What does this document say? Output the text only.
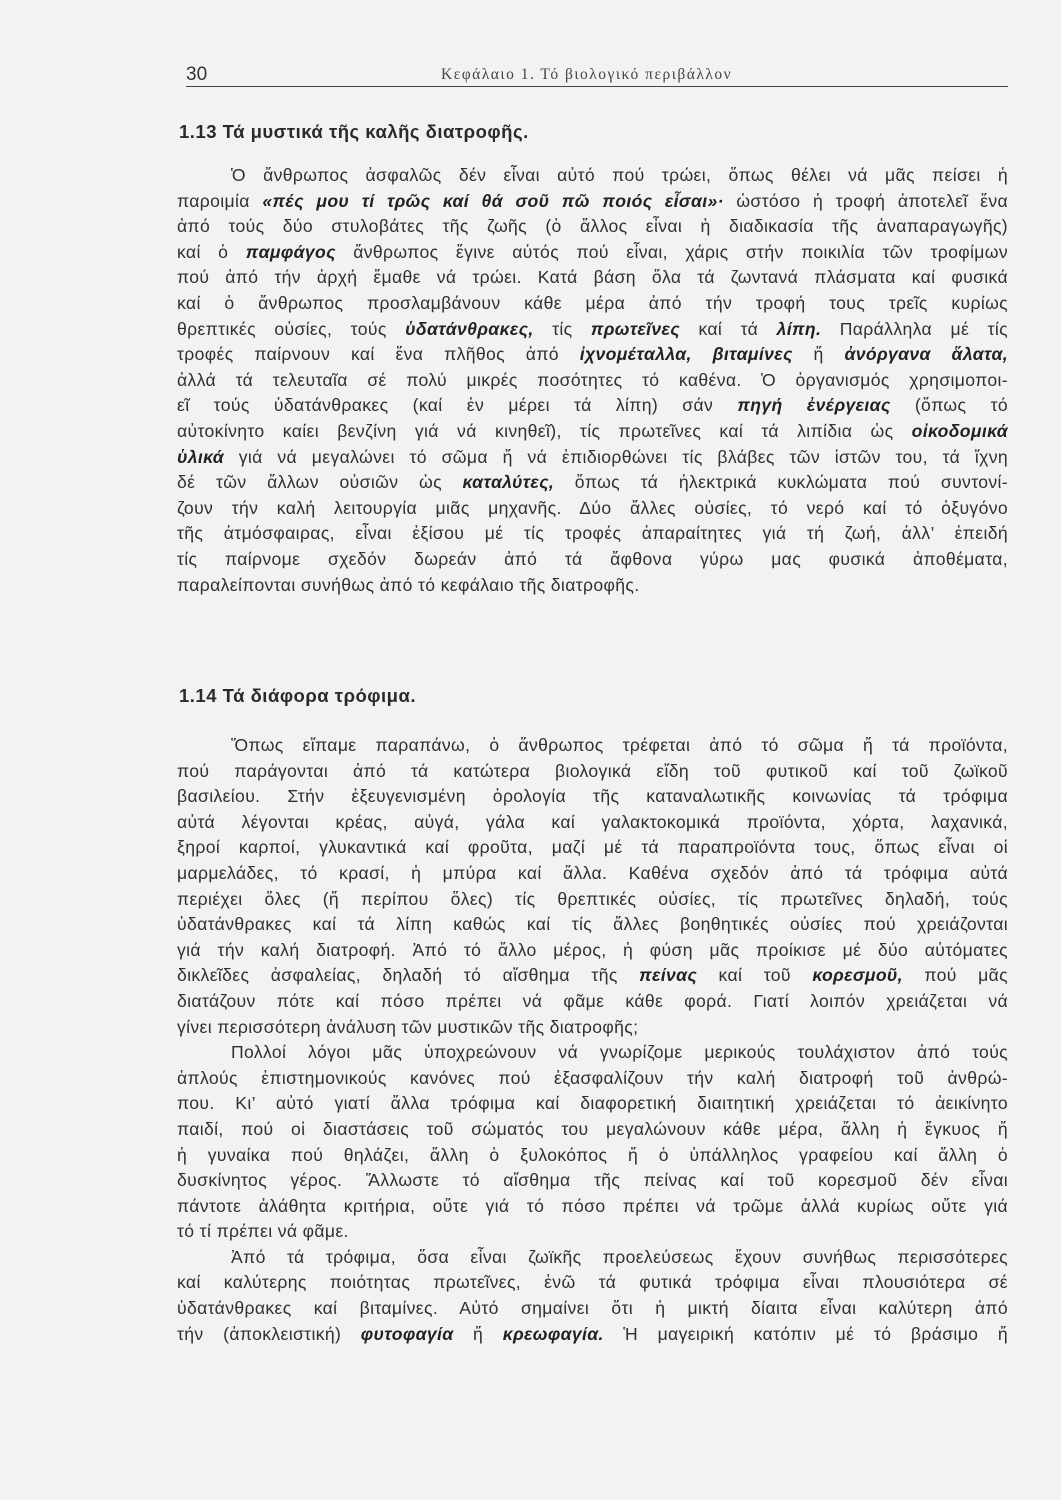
30	Κεφάλαιο 1. Τό βιολογικό περιβάλλον
1.13 Τά μυστικά τῆς καλῆς διατροφῆς.
Ὁ ἄνθρωπος ἀσφαλῶς δέν εἶναι αὐτό πού τρώει, ὅπως θέλει νά μᾶς πείσει ἡ
παροιμία «πές μου τί τρῶς καί θά σοῦ πῶ ποιός εἶσαι»· ὡστόσο ἡ τροφή ἀποτελεῖ ἕνα
ἀπό τούς δύο στυλοβάτες τῆς ζωῆς (ὁ ἄλλος εἶναι ἡ διαδικασία τῆς ἀναπαραγωγῆς)
καί ὁ παμφάγος ἄνθρωπος ἔγινε αὐτός πού εἶναι, χάρις στήν ποικιλία τῶν τροφίμων
πού ἀπό τήν ἀρχή ἔμαθε νά τρώει. Κατά βάση ὅλα τά ζωντανά πλάσματα καί φυσικά
καί ὁ ἄνθρωπος προσλαμβάνουν κάθε μέρα ἀπό τήν τροφή τους τρεῖς κυρίως
θρεπτικές οὐσίες, τούς ὑδατάνθρακες, τίς πρωτεῖνες καί τά λίπη. Παράλληλα μέ τίς
τροφές παίρνουν καί ἕνα πλῆθος ἀπό ἰχνομέταλλα, βιταμίνες ἤ ἀνόργανα ἅλατα,
ἀλλά τά τελευταῖα σέ πολύ μικρές ποσότητες τό καθένα. Ὁ ὀργανισμός χρησιμοποι-
εῖ τούς ὑδατάνθρακες (καί ἐν μέρει τά λίπη) σάν πηγή ἐνέργειας (ὅπως τό
αὐτοκίνητο καίει βενζίνη γιά νά κινηθεῖ), τίς πρωτεῖνες καί τά λιπίδια ὡς οἰκοδομικά
ὑλικά γιά νά μεγαλώνει τό σῶμα ἤ νά ἐπιδιορθώνει τίς βλάβες τῶν ἱστῶν του, τά ἴχνη
δέ τῶν ἄλλων οὐσιῶν ὡς καταλύτες, ὅπως τά ἠλεκτρικά κυκλώματα πού συντονί-
ζουν τήν καλή λειτουργία μιᾶς μηχανῆς. Δύο ἄλλες οὐσίες, τό νερό καί τό ὀξυγόνο
τῆς ἀτμόσφαιρας, εἶναι ἐξίσου μέ τίς τροφές ἀπαραίτητες γιά τή ζωή, ἀλλ’ ἐπειδή
τίς παίρνομε σχεδόν δωρεάν ἀπό τά ἄφθονα γύρω μας φυσικά ἀποθέματα,
παραλείπονται συνήθως ἀπό τό κεφάλαιο τῆς διατροφῆς.
1.14 Τά διάφορα τρόφιμα.
Ὅπως εἴπαμε παραπάνω, ὁ ἄνθρωπος τρέφεται ἀπό τό σῶμα ἤ τά προϊόντα,
πού παράγονται ἀπό τά κατώτερα βιολογικά εἴδη τοῦ φυτικοῦ καί τοῦ ζωϊκοῦ
βασιλείου. Στήν ἐξευγενισμένη ὁρολογία τῆς καταναλωτικῆς κοινωνίας τά τρόφιμα
αὐτά λέγονται κρέας, αὐγά, γάλα καί γαλακτοκομικά προϊόντα, χόρτα, λαχανικά,
ξηροί καρποί, γλυκαντικά καί φροῦτα, μαζί μέ τά παραπροϊόντα τους, ὅπως εἶναι οἱ
μαρμελάδες, τό κρασί, ἡ μπύρα καί ἄλλα. Καθένα σχεδόν ἀπό τά τρόφιμα αὐτά
περιέχει ὅλες (ἤ περίπου ὅλες) τίς θρεπτικές οὐσίες, τίς πρωτεῖνες δηλαδή, τούς
ὑδατάνθρακες καί τά λίπη καθώς καί τίς ἄλλες βοηθητικές οὐσίες πού χρειάζονται
γιά τήν καλή διατροφή. Ἀπό τό ἄλλο μέρος, ἡ φύση μᾶς προίκισε μέ δύο αὐτόματες
δικλεῖδες ἀσφαλείας, δηλαδή τό αἴσθημα τῆς πείνας καί τοῦ κορεσμοῦ, πού μᾶς
διατάζουν πότε καί πόσο πρέπει νά φᾶμε κάθε φορά. Γιατί λοιπόν χρειάζεται νά
γίνει περισσότερη ἀνάλυση τῶν μυστικῶν τῆς διατροφῆς;
Πολλοί λόγοι μᾶς ὑποχρεώνουν νά γνωρίζομε μερικούς τουλάχιστον ἀπό τούς
ἁπλούς ἐπιστημονικούς κανόνες πού ἐξασφαλίζουν τήν καλή διατροφή τοῦ ἀνθρώ-
που. Κι’ αὐτό γιατί ἄλλα τρόφιμα καί διαφορετική διαιτητική χρειάζεται τό ἀεικίνητο
παιδί, πού οἱ διαστάσεις τοῦ σώματός του μεγαλώνουν κάθε μέρα, ἄλλη ἡ ἔγκυος ἤ
ἡ γυναίκα πού θηλάζει, ἄλλη ὁ ξυλοκόπος ἤ ὁ ὑπάλληλος γραφείου καί ἄλλη ὁ
δυσκίνητος γέρος. Ἄλλωστε τό αἴσθημα τῆς πείνας καί τοῦ κορεσμοῦ δέν εἶναι
πάντοτε ἀλάθητα κριτήρια, οὔτε γιά τό πόσο πρέπει νά τρῶμε ἀλλά κυρίως οὔτε γιά
τό τί πρέπει νά φᾶμε.
Ἀπό τά τρόφιμα, ὅσα εἶναι ζωϊκῆς προελεύσεως ἔχουν συνήθως περισσότερες
καί καλύτερης ποιότητας πρωτεῖνες, ἐνῶ τά φυτικά τρόφιμα εἶναι πλουσιότερα σέ
ὑδατάνθρακες καί βιταμίνες. Αὐτό σημαίνει ὅτι ἡ μικτή δίαιτα εἶναι καλύτερη ἀπό
τήν (ἀποκλειστική) φυτοφαγία ἤ κρεωφαγία. Ἡ μαγειρική κατόπιν μέ τό βράσιμο ἤ
